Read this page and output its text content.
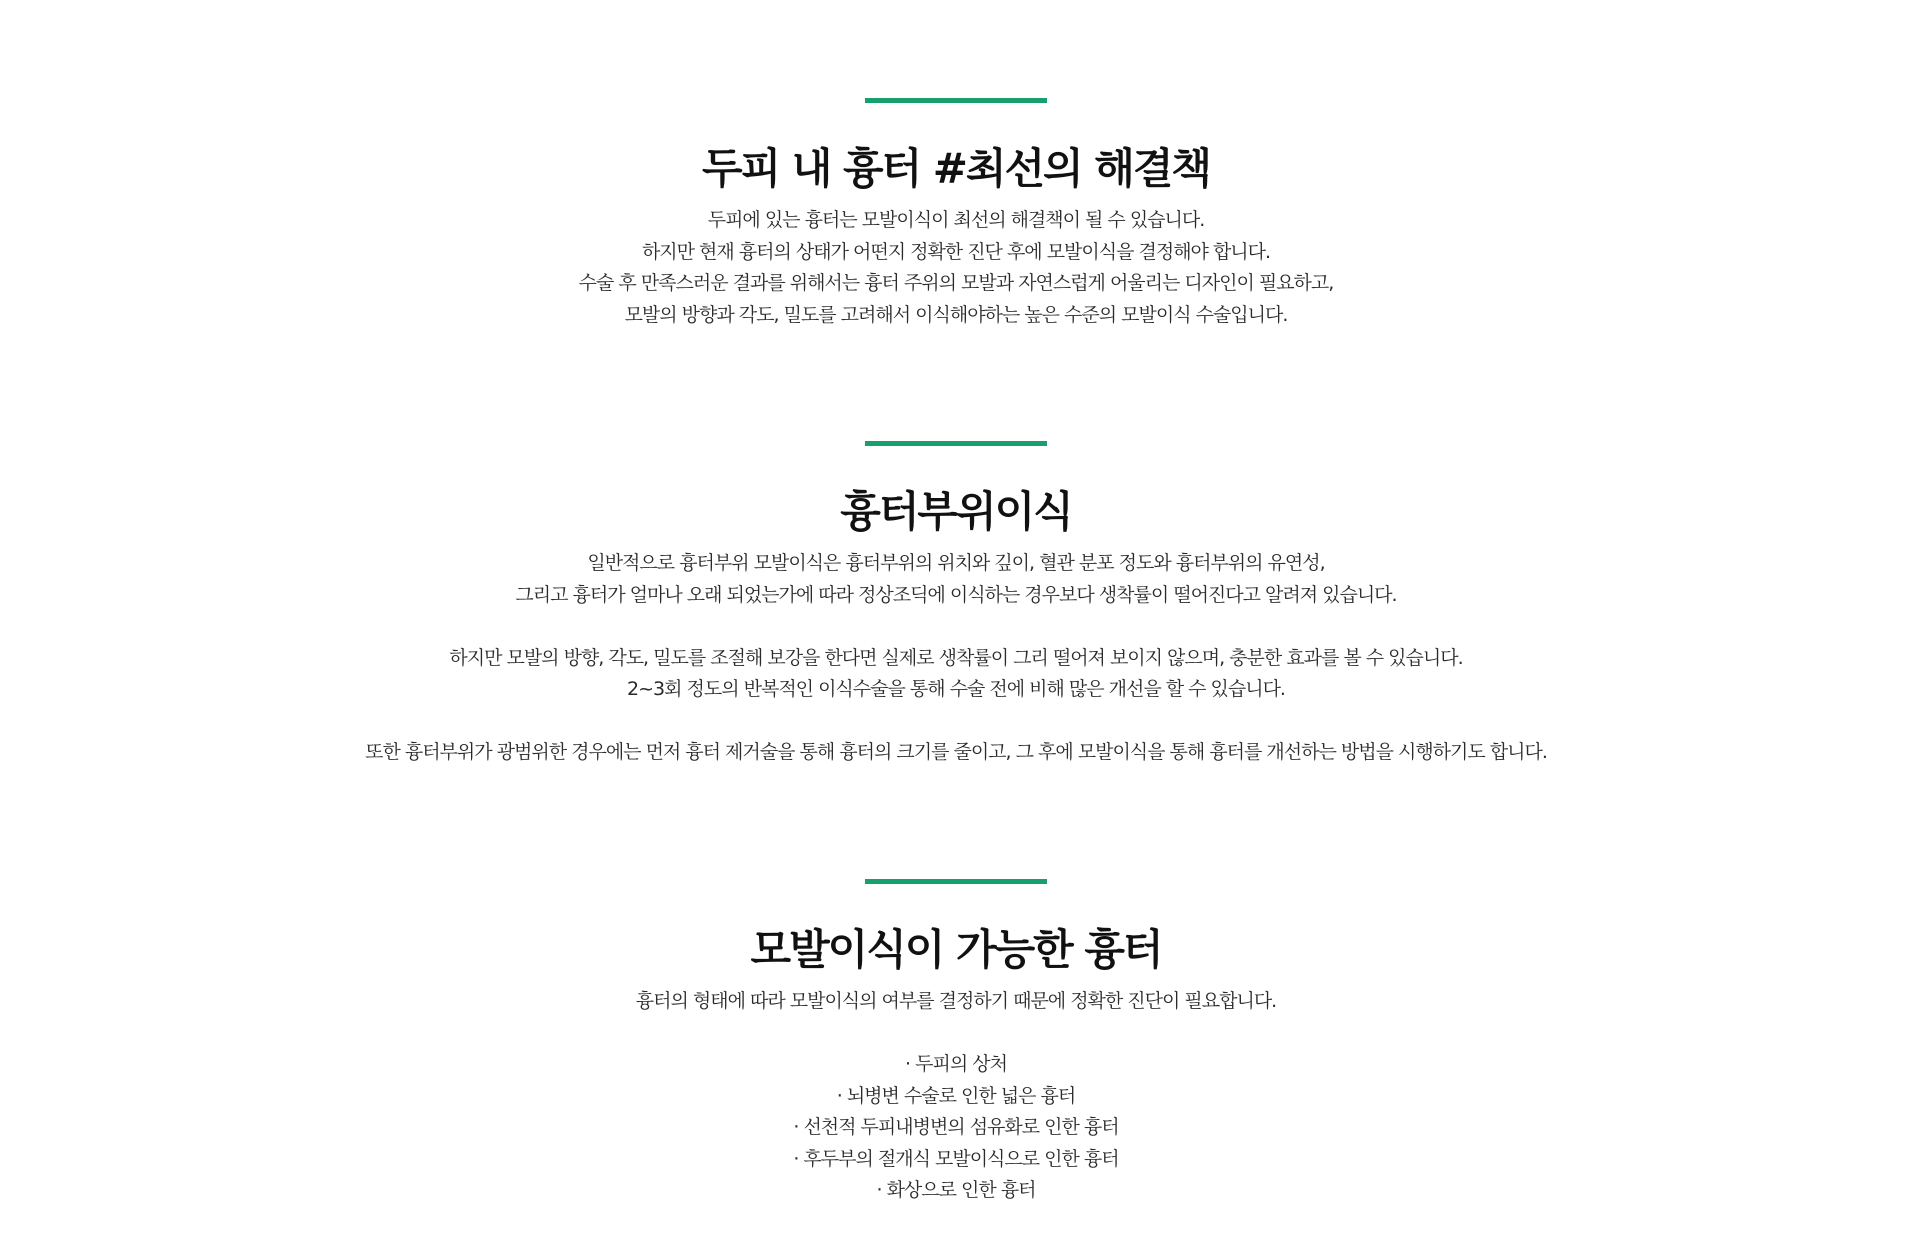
두피 내 흉터 #최선의 해결책
두피에 있는 흉터는 모발이식이 최선의 해결책이 될 수 있습니다.
하지만 현재 흉터의 상태가 어떤지 정확한 진단 후에 모발이식을 결정해야 합니다.
수술 후 만족스러운 결과를 위해서는 흉터 주위의 모발과 자연스럽게 어울리는 디자인이 필요하고,
모발의 방향과 각도, 밀도를 고려해서 이식해야하는 높은 수준의 모발이식 수술입니다.
흉터부위이식
일반적으로 흉터부위 모발이식은 흉터부위의 위치와 깊이, 혈관 분포 정도와 흉터부위의 유연성,
그리고 흉터가 얼마나 오래 되었는가에 따라 정상조딕에 이식하는 경우보다 생착률이 떨어진다고 알려져 있습니다.
하지만 모발의 방향, 각도, 밀도를 조절해 보강을 한다면 실제로 생착률이 그리 떨어져 보이지 않으며, 충분한 효과를 볼 수 있습니다.
2~3회 정도의 반복적인 이식수술을 통해 수술 전에 비해 많은 개선을 할 수 있습니다.
또한 흉터부위가 광범위한 경우에는 먼저 흉터 제거술을 통해 흉터의 크기를 줄이고, 그 후에 모발이식을 통해 흉터를 개선하는 방법을 시행하기도 합니다.
모발이식이 가능한 흉터
흉터의 형태에 따라 모발이식의 여부를 결정하기 때문에 정확한 진단이 필요합니다.
· 두피의 상처
· 뇌병변 수술로 인한 넓은 흉터
· 선천적 두피내병변의 섬유화로 인한 흉터
· 후두부의 절개식 모발이식으로 인한 흉터
· 화상으로 인한 흉터
